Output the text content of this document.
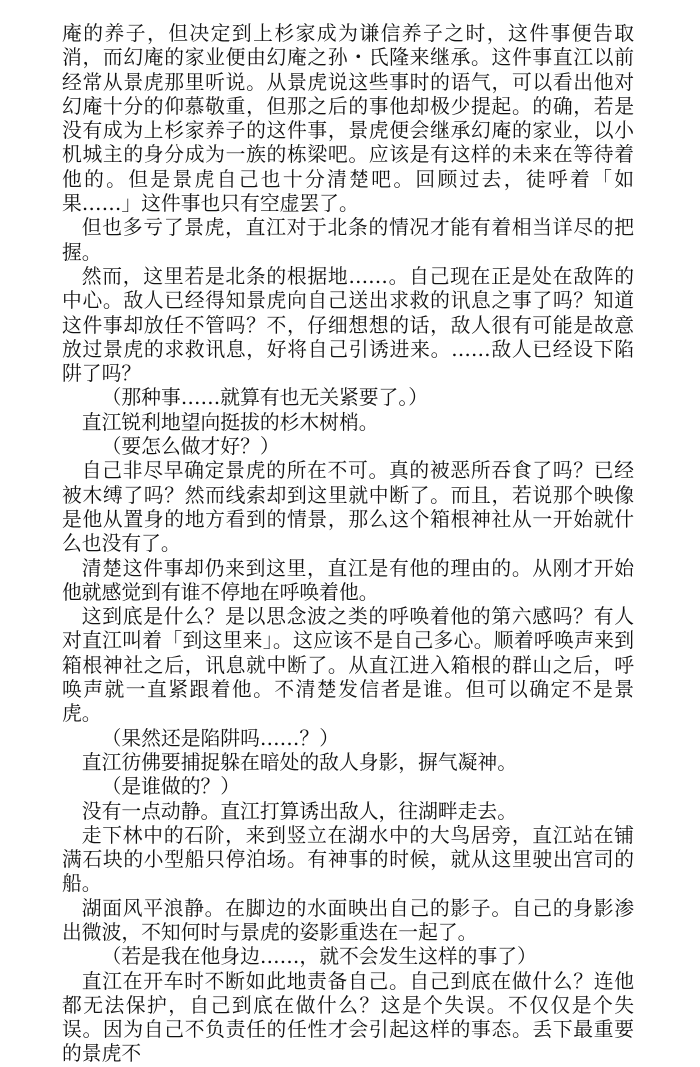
庵的养子，但决定到上杉家成为谦信养子之时，这件事便告取消，而幻庵的家业便由幻庵之孙・氏隆来继承。这件事直江以前经常从景虎那里听说。从景虎说这些事时的语气，可以看出他对幻庵十分的仰慕敬重，但那之后的事他却极少提起。的确，若是没有成为上杉家养子的这件事，景虎便会继承幻庵的家业，以小机城主的身分成为一族的栋梁吧。应该是有这样的未来在等待着他的。但是景虎自己也十分清楚吧。回顾过去，徒呼着「如果……」这件事也只有空虚罢了。

但也多亏了景虎，直江对于北条的情况才能有着相当详尽的把握。

然而，这里若是北条的根据地……。自己现在正是处在敌阵的中心。敌人已经得知景虎向自己送出求救的讯息之事了吗？知道这件事却放任不管吗？不，仔细想想的话，敌人很有可能是故意放过景虎的求救讯息，好将自己引诱进来。……敌人已经设下陷阱了吗？

（那种事……就算有也无关紧要了。）

直江锐利地望向挺拔的杉木树梢。

（要怎么做才好？）

自己非尽早确定景虎的所在不可。真的被恶所吞食了吗？已经被木缚了吗？然而线索却到这里就中断了。而且，若说那个映像是他从置身的地方看到的情景，那么这个箱根神社从一开始就什么也没有了。

清楚这件事却仍来到这里，直江是有他的理由的。从刚才开始他就感觉到有谁不停地在呼唤着他。

这到底是什么？是以思念波之类的呼唤着他的第六感吗？有人对直江叫着「到这里来」。这应该不是自己多心。顺着呼唤声来到箱根神社之后，讯息就中断了。从直江进入箱根的群山之后，呼唤声就一直紧跟着他。不清楚发信者是谁。但可以确定不是景虎。

（果然还是陷阱吗……？）

直江彷佛要捕捉躲在暗处的敌人身影，摒气凝神。

（是谁做的？）

没有一点动静。直江打算诱出敌人，往湖畔走去。

走下林中的石阶，来到竖立在湖水中的大鸟居旁，直江站在铺满石块的小型船只停泊场。有神事的时候，就从这里驶出宫司的船。

湖面风平浪静。在脚边的水面映出自己的影子。自己的身影渗出微波，不知何时与景虎的姿影重迭在一起了。

（若是我在他身边……，就不会发生这样的事了）

直江在开车时不断如此地责备自己。自己到底在做什么？连他都无法保护，自己到底在做什么？这是个失误。不仅仅是个失误。因为自己不负责任的任性才会引起这样的事态。丢下最重要的景虎不
